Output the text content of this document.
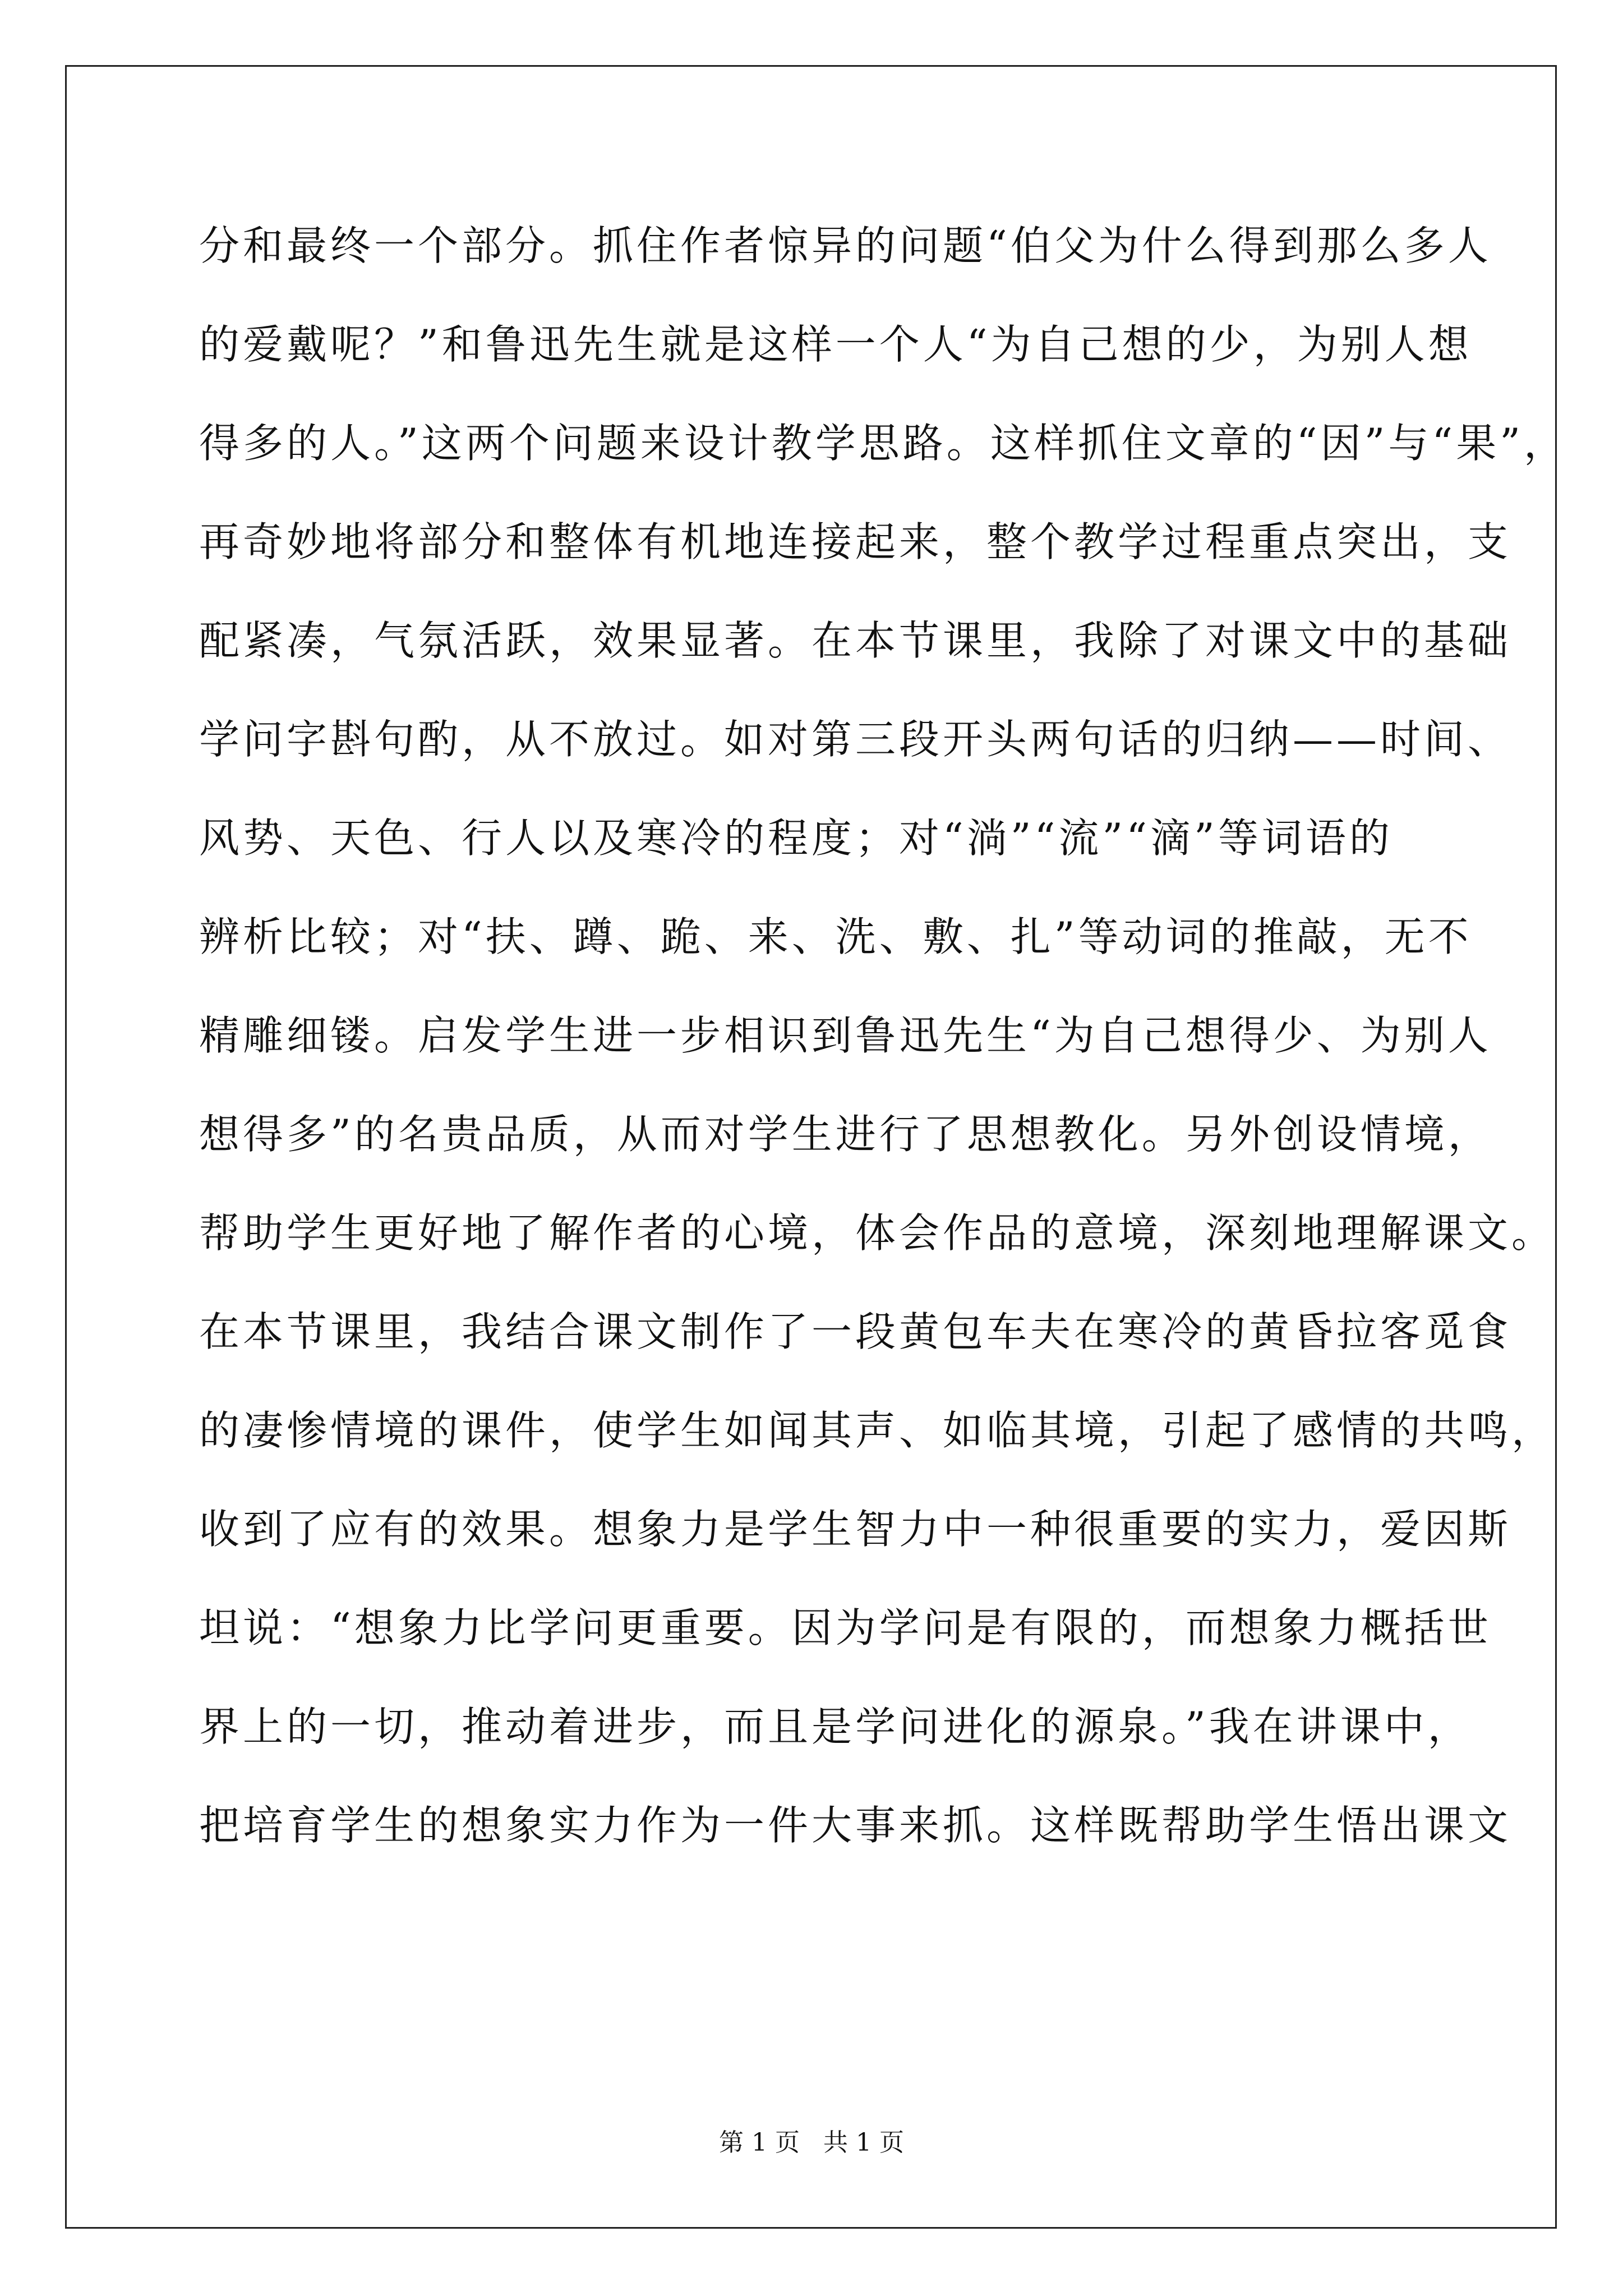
分和最终一个部分。抓住作者惊异的问题“伯父为什么得到那么多人
的爱戴呢？”和鲁迅先生就是这样一个人“为自己想的少，为别人想
得多的人。”这两个问题来设计教学思路。这样抓住文章的“因”与“果”，
再奇妙地将部分和整体有机地连接起来，整个教学过程重点突出，支
配紧凑，气氛活跃，效果显著。在本节课里，我除了对课文中的基础
学问字斟句酌，从不放过。如对第三段开头两句话的归纳——时间、
风势、天色、行人以及寒冷的程度；对“淌”“流”“滴”等词语的
辨析比较；对“扶、蹲、跪、来、洗、敷、扎”等动词的推敲，无不
精雕细镂。启发学生进一步相识到鲁迅先生“为自己想得少、为别人
想得多”的名贵品质，从而对学生进行了思想教化。另外创设情境，
帮助学生更好地了解作者的心境，体会作品的意境，深刻地理解课文。
在本节课里，我结合课文制作了一段黄包车夫在寒冷的黄昏拉客觅食
的凄惨情境的课件，使学生如闻其声、如临其境，引起了感情的共鸣，
收到了应有的效果。想象力是学生智力中一种很重要的实力，爱因斯
坦说：“想象力比学问更重要。因为学问是有限的，而想象力概括世
界上的一切，推动着进步，而且是学问进化的源泉。”我在讲课中，
把培育学生的想象实力作为一件大事来抓。这样既帮助学生悟出课文
第 1 页   共 1 页
